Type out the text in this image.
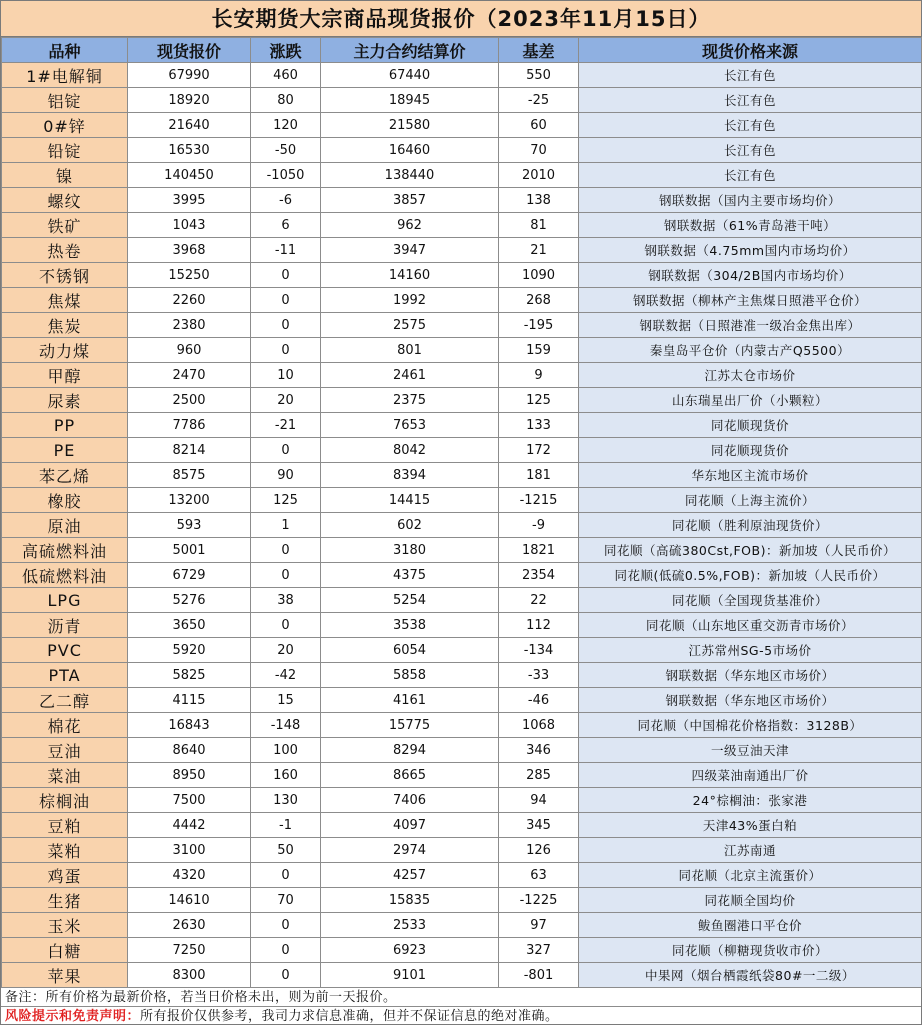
长安期货大宗商品现货报价（2023年11月15日）
品种	现货报价	涨跌	主力合约结算价	基差	现货价格来源
1#电解铜	67990	460	67440	550	长江有色
铝锭	18920	80	18945	-25	长江有色
0#锌	21640	120	21580	60	长江有色
铅锭	16530	-50	16460	70	长江有色
镍	140450	-1050	138440	2010	长江有色
螺纹	3995	-6	3857	138	钢联数据（国内主要市场均价）
铁矿	1043	6	962	81	钢联数据（61%青岛港干吨）
热卷	3968	-11	3947	21	钢联数据（4.75mm国内市场均价）
不锈钢	15250	0	14160	1090	钢联数据（304/2B国内市场均价）
焦煤	2260	0	1992	268	钢联数据（柳林产主焦煤日照港平仓价）
焦炭	2380	0	2575	-195	钢联数据（日照港准一级冶金焦出库）
动力煤	960	0	801	159	秦皇岛平仓价（内蒙古产Q5500）
甲醇	2470	10	2461	9	江苏太仓市场价
尿素	2500	20	2375	125	山东瑞星出厂价（小颗粒）
PP	7786	-21	7653	133	同花顺现货价
PE	8214	0	8042	172	同花顺现货价
苯乙烯	8575	90	8394	181	华东地区主流市场价
橡胶	13200	125	14415	-1215	同花顺（上海主流价）
原油	593	1	602	-9	同花顺（胜利原油现货价）
高硫燃料油	5001	0	3180	1821	同花顺（高硫380Cst,FOB)：新加坡（人民币价）
低硫燃料油	6729	0	4375	2354	同花顺(低硫0.5%,FOB)：新加坡（人民币价）
LPG	5276	38	5254	22	同花顺（全国现货基准价）
沥青	3650	0	3538	112	同花顺（山东地区重交沥青市场价）
PVC	5920	20	6054	-134	江苏常州SG-5市场价
PTA	5825	-42	5858	-33	钢联数据（华东地区市场价）
乙二醇	4115	15	4161	-46	钢联数据（华东地区市场价）
棉花	16843	-148	15775	1068	同花顺（中国棉花价格指数：3128B）
豆油	8640	100	8294	346	一级豆油天津
菜油	8950	160	8665	285	四级菜油南通出厂价
棕榈油	7500	130	7406	94	24°棕榈油：张家港
豆粕	4442	-1	4097	345	天津43%蛋白粕
菜粕	3100	50	2974	126	江苏南通
鸡蛋	4320	0	4257	63	同花顺（北京主流蛋价）
生猪	14610	70	15835	-1225	同花顺全国均价
玉米	2630	0	2533	97	鲅鱼圈港口平仓价
白糖	7250	0	6923	327	同花顺（柳糖现货收市价）
苹果	8300	0	9101	-801	中果网（烟台栖霞纸袋80#一二级）
备注：所有价格为最新价格，若当日价格未出，则为前一天报价。
风险提示和免责声明：所有报价仅供参考，我司力求信息准确，但并不保证信息的绝对准确。
